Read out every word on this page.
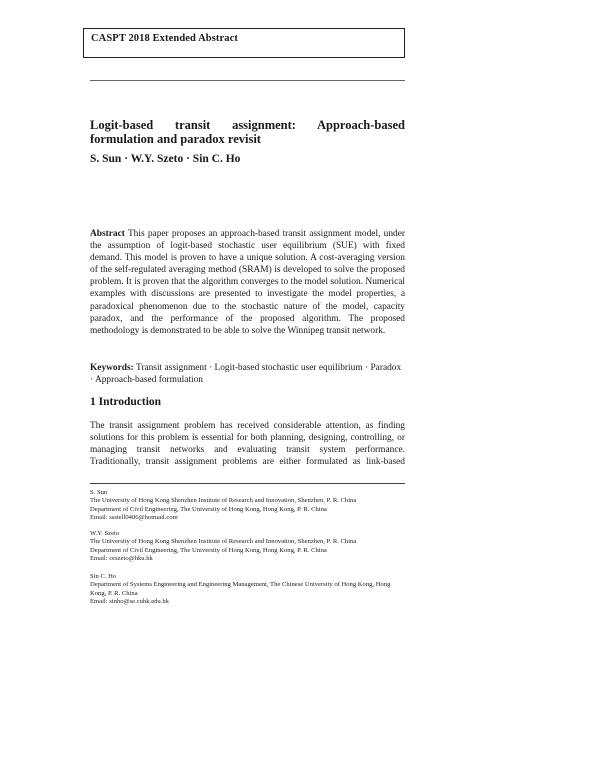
CASPT 2018 Extended Abstract
Logit-based transit assignment: Approach-based
formulation and paradox revisit
S. Sun · W.Y. Szeto · Sin C. Ho
Abstract This paper proposes an approach-based transit assignment model, under the assumption of logit-based stochastic user equilibrium (SUE) with fixed demand. This model is proven to have a unique solution. A cost-averaging version of the self-regulated averaging method (SRAM) is developed to solve the proposed problem. It is proven that the algorithm converges to the model solution. Numerical examples with discussions are presented to investigate the model properties, a paradoxical phenomenon due to the stochastic nature of the model, capacity paradox, and the performance of the proposed algorithm. The proposed methodology is demonstrated to be able to solve the Winnipeg transit network.
Keywords: Transit assignment · Logit-based stochastic user equilibrium · Paradox · Approach-based formulation
1 Introduction
The transit assignment problem has received considerable attention, as finding solutions for this problem is essential for both planning, designing, controlling, or managing transit networks and evaluating transit system performance. Traditionally, transit assignment problems are either formulated as link-based
S. Sun
The University of Hong Kong Shenzhen Institute of Research and Innovation, Shenzhen, P. R. China
Department of Civil Engineering, The University of Hong Kong, Hong Kong, P. R. China
Email: ssstell0406@hotmail.com
W.Y. Szeto
The University of Hong Kong Shenzhen Institute of Research and Innovation, Shenzhen, P. R. China
Department of Civil Engineering, The University of Hong Kong, Hong Kong, P. R. China
Email: ceszeto@hku.hk
Sin C. Ho
Department of Systems Engineering and Engineering Management, The Chinese University of Hong Kong, Hong Kong, P. R. China
Email: sinho@se.cuhk.edu.hk
